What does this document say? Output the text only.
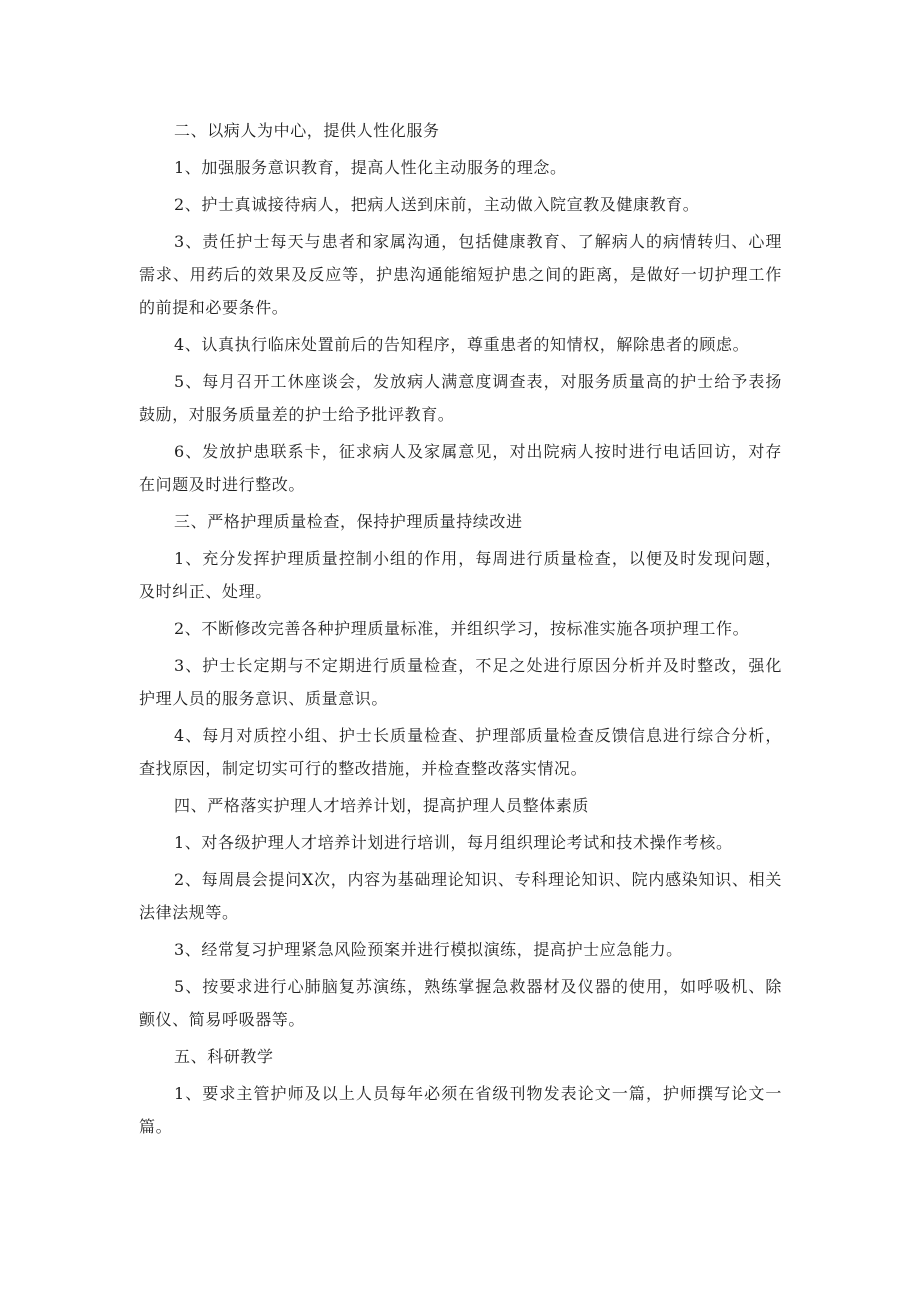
二、以病人为中心，提供人性化服务

1、加强服务意识教育，提高人性化主动服务的理念。

2、护士真诚接待病人，把病人送到床前，主动做入院宣教及健康教育。

3、责任护士每天与患者和家属沟通，包括健康教育、了解病人的病情转归、心理需求、用药后的效果及反应等，护患沟通能缩短护患之间的距离，是做好一切护理工作的前提和必要条件。

4、认真执行临床处置前后的告知程序，尊重患者的知情权，解除患者的顾虑。

5、每月召开工休座谈会，发放病人满意度调查表，对服务质量高的护士给予表扬鼓励，对服务质量差的护士给予批评教育。

6、发放护患联系卡，征求病人及家属意见，对出院病人按时进行电话回访，对存在问题及时进行整改。

三、严格护理质量检查，保持护理质量持续改进

1、充分发挥护理质量控制小组的作用，每周进行质量检查，以便及时发现问题，及时纠正、处理。

2、不断修改完善各种护理质量标准，并组织学习，按标准实施各项护理工作。

3、护士长定期与不定期进行质量检查，不足之处进行原因分析并及时整改，强化护理人员的服务意识、质量意识。

4、每月对质控小组、护士长质量检查、护理部质量检查反馈信息进行综合分析，查找原因，制定切实可行的整改措施，并检查整改落实情况。

四、严格落实护理人才培养计划，提高护理人员整体素质

1、对各级护理人才培养计划进行培训，每月组织理论考试和技术操作考核。

2、每周晨会提问X次，内容为基础理论知识、专科理论知识、院内感染知识、相关法律法规等。

3、经常复习护理紧急风险预案并进行模拟演练，提高护士应急能力。

5、按要求进行心肺脑复苏演练，熟练掌握急救器材及仪器的使用，如呼吸机、除颤仪、简易呼吸器等。

五、科研教学

1、要求主管护师及以上人员每年必须在省级刊物发表论文一篇，护师撰写论文一篇。
